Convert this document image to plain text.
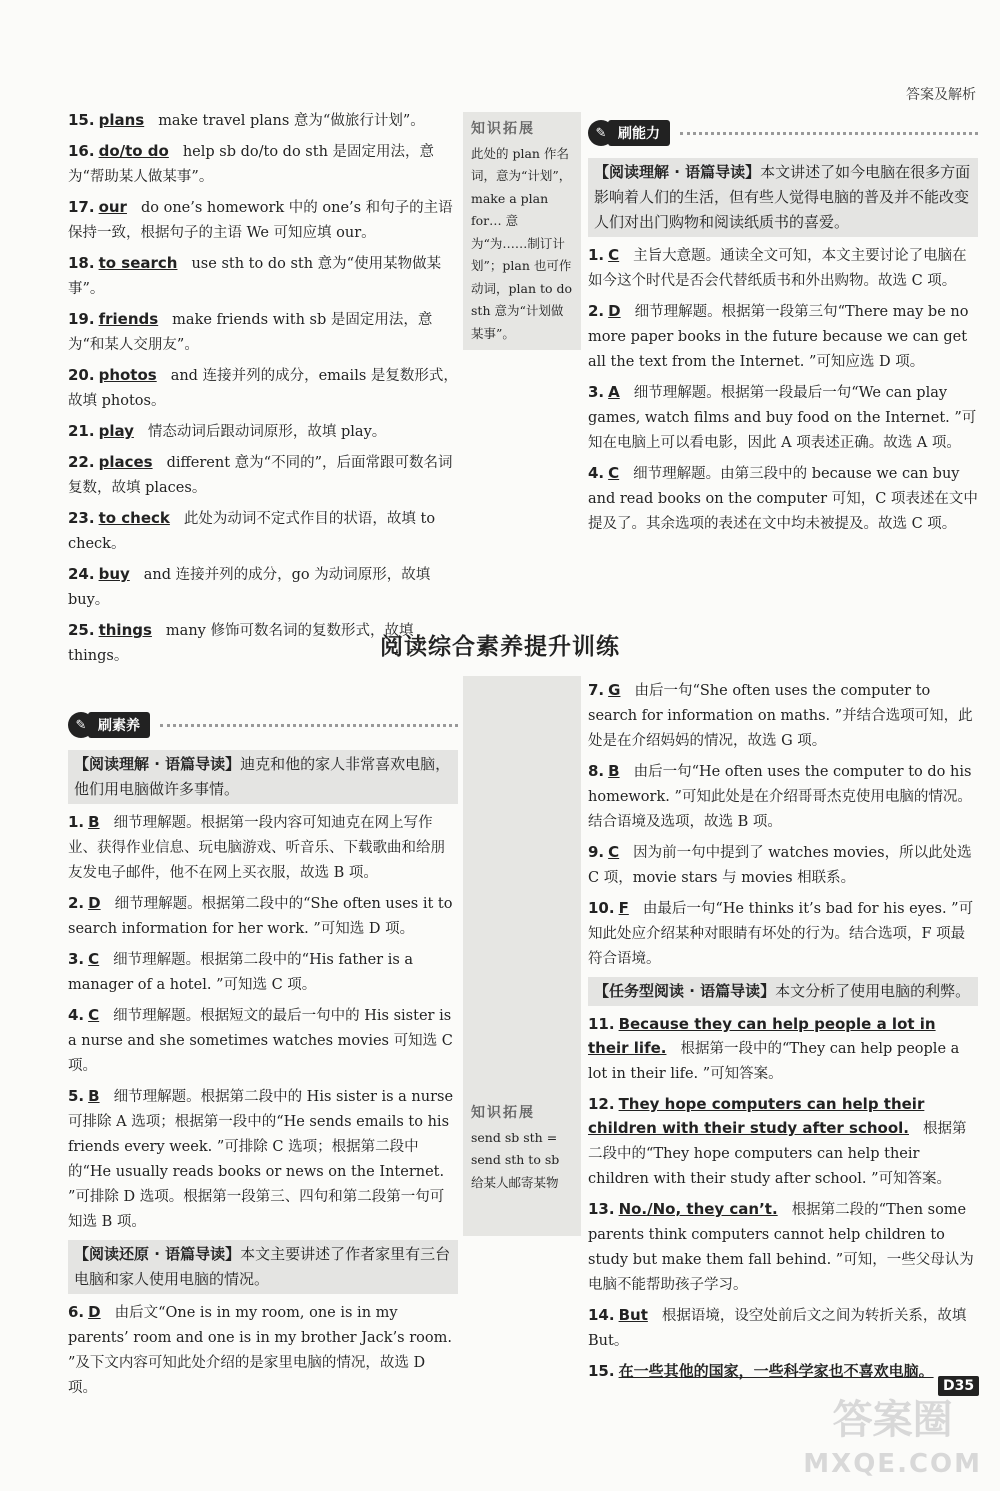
答案及解析
15. plans make travel plans 意为“做旅行计划”。
16. do/to do help sb do/to do sth 是固定用法，意为“帮助某人做某事”。
17. our do one’s homework 中的 one’s 和句子的主语保持一致，根据句子的主语 We 可知应填 our。
18. to search use sth to do sth 意为“使用某物做某事”。
19. friends make friends with sb 是固定用法，意为“和某人交朋友”。
20. photos and 连接并列的成分，emails 是复数形式，故填 photos。
21. play 情态动词后跟动词原形，故填 play。
22. places different 意为“不同的”，后面常跟可数名词复数，故填 places。
23. to check 此处为动词不定式作目的状语，故填 to check。
24. buy and 连接并列的成分，go 为动词原形，故填 buy。
25. things many 修饰可数名词的复数形式，故填 things。
知识拓展
此处的 plan 作名词，意为“计划”，make a plan for… 意为“为……制订计划”；plan 也可作动词，plan to do sth 意为“计划做某事”。
✎ 刷能力
【阅读理解 · 语篇导读】本文讲述了如今电脑在很多方面影响着人们的生活，但有些人觉得电脑的普及并不能改变人们对出门购物和阅读纸质书的喜爱。
1. C 主旨大意题。通读全文可知，本文主要讨论了电脑在如今这个时代是否会代替纸质书和外出购物。故选 C 项。
2. D 细节理解题。根据第一段第三句“There may be no more paper books in the future because we can get all the text from the Internet. ”可知应选 D 项。
3. A 细节理解题。根据第一段最后一句“We can play games, watch films and buy food on the Internet. ”可知在电脑上可以看电影，因此 A 项表述正确。故选 A 项。
4. C 细节理解题。由第三段中的 because we can buy and read books on the computer 可知，C 项表述在文中提及了。其余选项的表述在文中均未被提及。故选 C 项。
阅读综合素养提升训练
✎ 刷素养
【阅读理解 · 语篇导读】迪克和他的家人非常喜欢电脑，他们用电脑做许多事情。
1. B 细节理解题。根据第一段内容可知迪克在网上写作业、获得作业信息、玩电脑游戏、听音乐、下载歌曲和给朋友发电子邮件，他不在网上买衣服，故选 B 项。
2. D 细节理解题。根据第二段中的“She often uses it to search information for her work. ”可知选 D 项。
3. C 细节理解题。根据第二段中的“His father is a manager of a hotel. ”可知选 C 项。
4. C 细节理解题。根据短文的最后一句中的 His sister is a nurse and she sometimes watches movies 可知选 C 项。
5. B 细节理解题。根据第二段中的 His sister is a nurse 可排除 A 选项；根据第一段中的“He sends emails to his friends every week. ”可排除 C 选项；根据第二段中的“He usually reads books or news on the Internet. ”可排除 D 选项。根据第一段第三、四句和第二段第一句可知选 B 项。
【阅读还原 · 语篇导读】本文主要讲述了作者家里有三台电脑和家人使用电脑的情况。
6. D 由后文“One is in my room, one is in my parents’ room and one is in my brother Jack’s room. ”及下文内容可知此处介绍的是家里电脑的情况，故选 D 项。
知识拓展
send sb sth = send sth to sb 给某人邮寄某物
7. G 由后一句“She often uses the computer to search for information on maths. ”并结合选项可知，此处是在介绍妈妈的情况，故选 G 项。
8. B 由后一句“He often uses the computer to do his homework. ”可知此处是在介绍哥哥杰克使用电脑的情况。结合语境及选项，故选 B 项。
9. C 因为前一句中提到了 watches movies，所以此处选 C 项，movie stars 与 movies 相联系。
10. F 由最后一句“He thinks it’s bad for his eyes. ”可知此处应介绍某种对眼睛有坏处的行为。结合选项，F 项最符合语境。
【任务型阅读 · 语篇导读】本文分析了使用电脑的利弊。
11. Because they can help people a lot in their life. 根据第一段中的“They can help people a lot in their life. ”可知答案。
12. They hope computers can help their children with their study after school. 根据第二段中的“They hope computers can help their children with their study after school. ”可知答案。
13. No./No, they can’t. 根据第二段的“Then some parents think computers cannot help children to study but make them fall behind. ”可知，一些父母认为电脑不能帮助孩子学习。
14. But 根据语境，设空处前后文之间为转折关系，故填 But。
15. 在一些其他的国家，一些科学家也不喜欢电脑。
D35
答案圈
MXQE.COM
